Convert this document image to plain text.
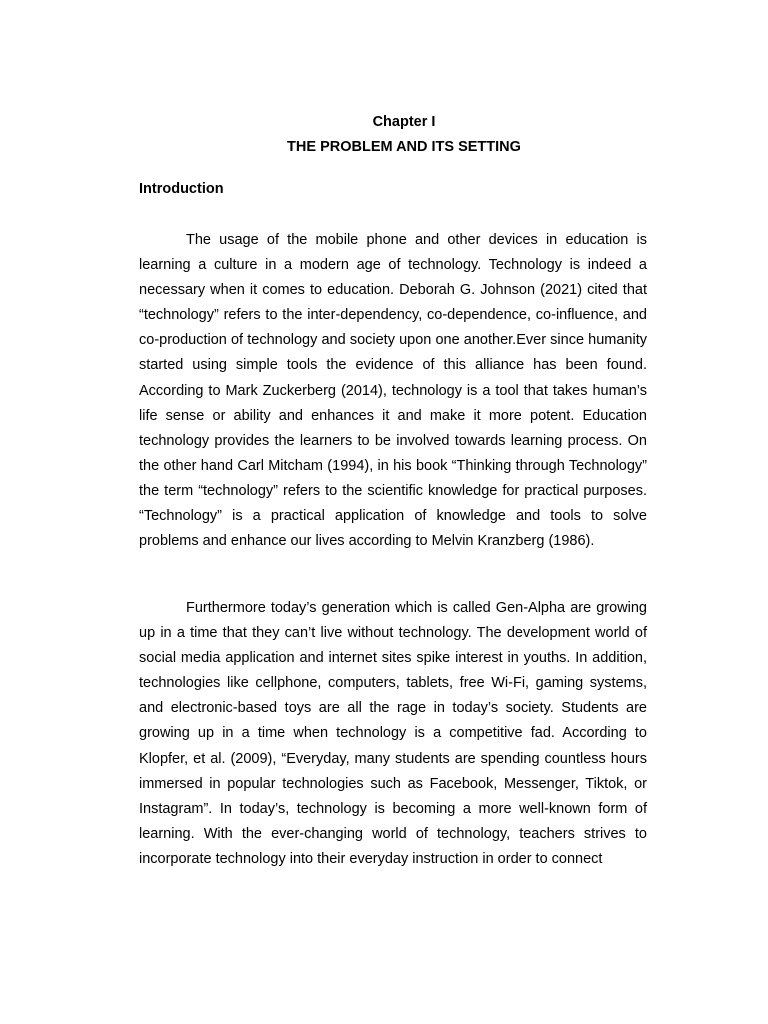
Chapter I
THE PROBLEM AND ITS SETTING
Introduction

The usage of the mobile phone and other devices in education is learning a culture in a modern age of technology. Technology is indeed a necessary when it comes to education. Deborah G. Johnson (2021) cited that “technology” refers to the inter-dependency, co-dependence, co-influence, and co-production of technology and society upon one another.Ever since humanity started using simple tools the evidence of this alliance has been found. According to Mark Zuckerberg (2014), technology is a tool that takes human’s life sense or ability and enhances it and make it more potent. Education technology provides the learners to be involved towards learning process. On the other hand Carl Mitcham (1994), in his book “Thinking through Technology” the term “technology” refers to the scientific knowledge for practical purposes. “Technology” is a practical application of knowledge and tools to solve problems and enhance our lives according to Melvin Kranzberg (1986).

Furthermore today’s generation which is called Gen-Alpha are growing up in a time that they can’t live without technology. The development world of social media application and internet sites spike interest in youths. In addition, technologies like cellphone, computers, tablets, free Wi-Fi, gaming systems, and electronic-based toys are all the rage in today’s society. Students are growing up in a time when technology is a competitive fad. According to Klopfer, et al. (2009), “Everyday, many students are spending countless hours immersed in popular technologies such as Facebook, Messenger, Tiktok, or Instagram”. In today’s, technology is becoming a more well-known form of learning. With the ever-changing world of technology, teachers strives to incorporate technology into their everyday instruction in order to connect
